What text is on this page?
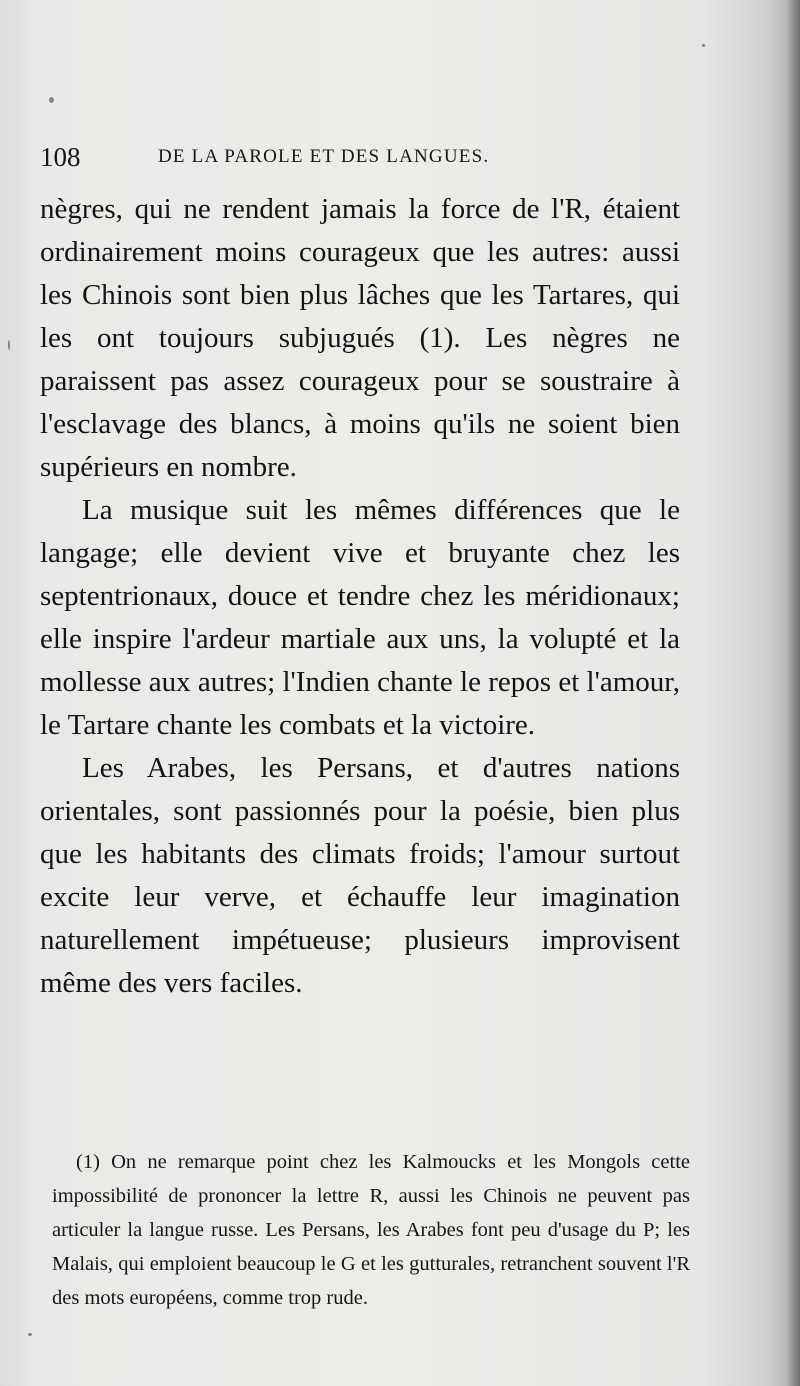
108	DE LA PAROLE ET DES LANGUES.

nègres, qui ne rendent jamais la force de l'R, étaient ordinairement moins courageux que les autres: aussi les Chinois sont bien plus lâches que les Tartares, qui les ont toujours subjugués (1). Les nègres ne paraissent pas assez courageux pour se soustraire à l'esclavage des blancs, à moins qu'ils ne soient bien supérieurs en nombre.

La musique suit les mêmes différences que le langage; elle devient vive et bruyante chez les septentrionaux, douce et tendre chez les méridionaux; elle inspire l'ardeur martiale aux uns, la volupté et la mollesse aux autres; l'Indien chante le repos et l'amour, le Tartare chante les combats et la victoire.

Les Arabes, les Persans, et d'autres nations orientales, sont passionnés pour la poésie, bien plus que les habitants des climats froids; l'amour surtout excite leur verve, et échauffe leur imagination naturellement impétueuse; plusieurs improvisent même des vers faciles.

(1) On ne remarque point chez les Kalmoucks et les Mongols cette impossibilité de prononcer la lettre R, aussi les Chinois ne peuvent pas articuler la langue russe. Les Persans, les Arabes font peu d'usage du P; les Malais, qui emploient beaucoup le G et les gutturales, retranchent souvent l'R des mots européens, comme trop rude.
